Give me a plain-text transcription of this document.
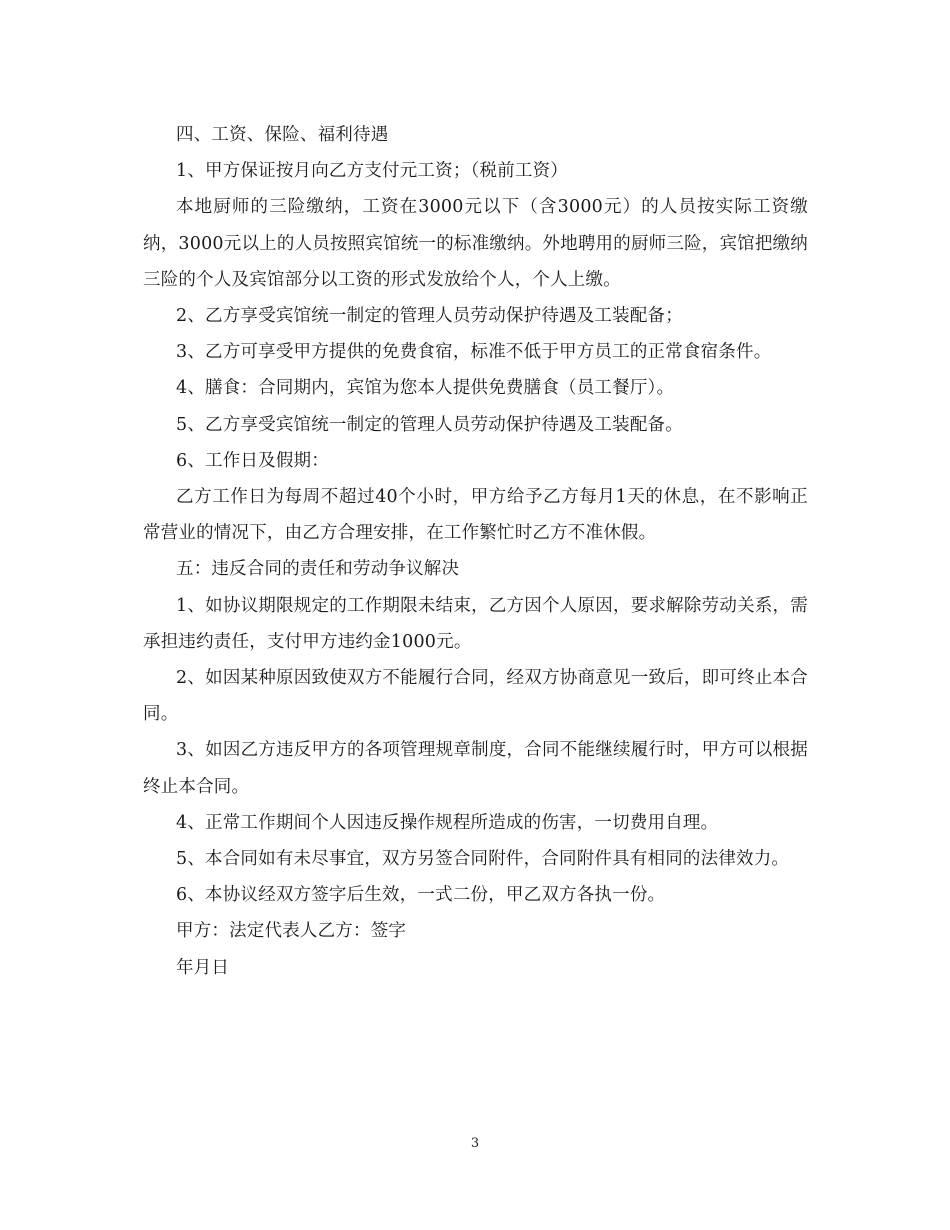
四、工资、保险、福利待遇

1、甲方保证按月向乙方支付元工资；（税前工资）

本地厨师的三险缴纳，工资在3000元以下（含3000元）的人员按实际工资缴纳，3000元以上的人员按照宾馆统一的标准缴纳。外地聘用的厨师三险，宾馆把缴纳三险的个人及宾馆部分以工资的形式发放给个人，个人上缴。

2、乙方享受宾馆统一制定的管理人员劳动保护待遇及工装配备；

3、乙方可享受甲方提供的免费食宿，标准不低于甲方员工的正常食宿条件。

4、膳食：合同期内，宾馆为您本人提供免费膳食（员工餐厅）。

5、乙方享受宾馆统一制定的管理人员劳动保护待遇及工装配备。

6、工作日及假期：

乙方工作日为每周不超过40个小时，甲方给予乙方每月1天的休息，在不影响正常营业的情况下，由乙方合理安排，在工作繁忙时乙方不准休假。

五：违反合同的责任和劳动争议解决

1、如协议期限规定的工作期限未结束，乙方因个人原因，要求解除劳动关系，需承担违约责任，支付甲方违约金1000元。

2、如因某种原因致使双方不能履行合同，经双方协商意见一致后，即可终止本合同。

3、如因乙方违反甲方的各项管理规章制度，合同不能继续履行时，甲方可以根据终止本合同。

4、正常工作期间个人因违反操作规程所造成的伤害，一切费用自理。

5、本合同如有未尽事宜，双方另签合同附件，合同附件具有相同的法律效力。

6、本协议经双方签字后生效，一式二份，甲乙双方各执一份。

甲方：法定代表人乙方：签字

年月日

3
